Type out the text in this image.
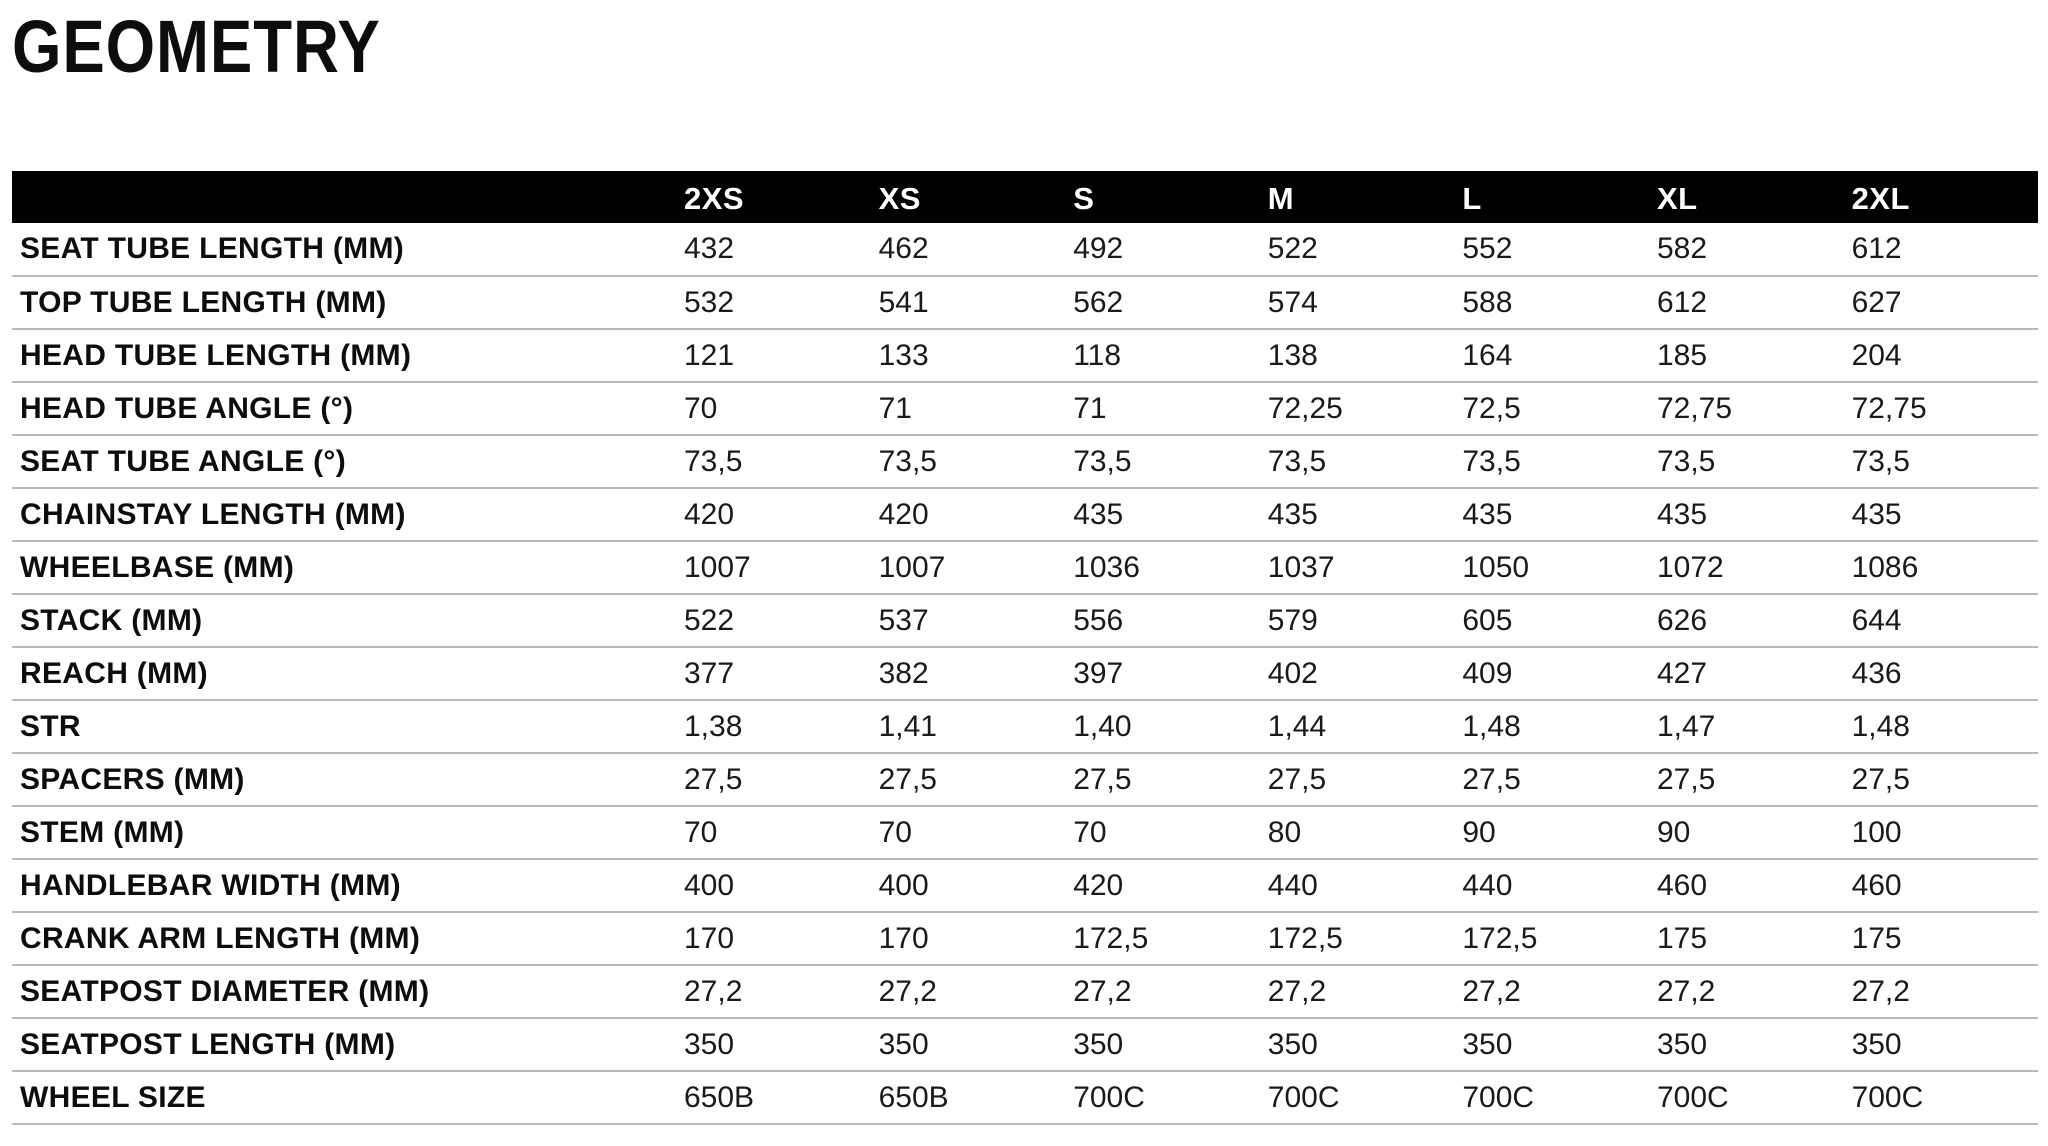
GEOMETRY
	2XS	XS	S	M	L	XL	2XL
SEAT TUBE LENGTH (MM)	432	462	492	522	552	582	612
TOP TUBE LENGTH (MM)	532	541	562	574	588	612	627
HEAD TUBE LENGTH (MM)	121	133	118	138	164	185	204
HEAD TUBE ANGLE (°)	70	71	71	72,25	72,5	72,75	72,75
SEAT TUBE ANGLE (°)	73,5	73,5	73,5	73,5	73,5	73,5	73,5
CHAINSTAY LENGTH (MM)	420	420	435	435	435	435	435
WHEELBASE (MM)	1007	1007	1036	1037	1050	1072	1086
STACK (MM)	522	537	556	579	605	626	644
REACH (MM)	377	382	397	402	409	427	436
STR	1,38	1,41	1,40	1,44	1,48	1,47	1,48
SPACERS (MM)	27,5	27,5	27,5	27,5	27,5	27,5	27,5
STEM (MM)	70	70	70	80	90	90	100
HANDLEBAR WIDTH (MM)	400	400	420	440	440	460	460
CRANK ARM LENGTH (MM)	170	170	172,5	172,5	172,5	175	175
SEATPOST DIAMETER (MM)	27,2	27,2	27,2	27,2	27,2	27,2	27,2
SEATPOST LENGTH (MM)	350	350	350	350	350	350	350
WHEEL SIZE	650B	650B	700C	700C	700C	700C	700C
